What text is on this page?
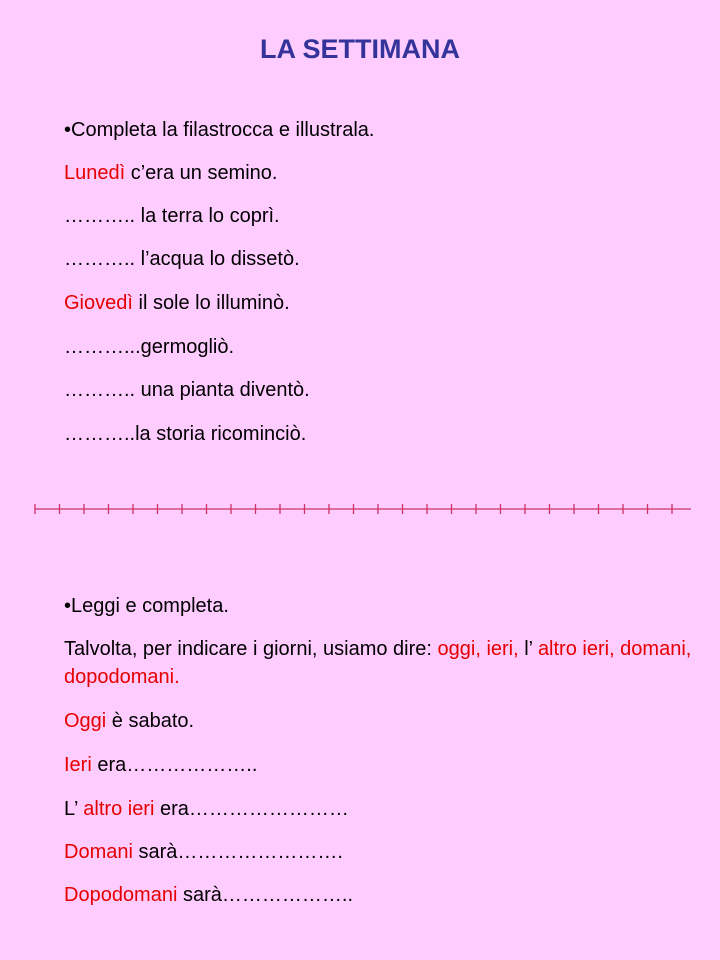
LA SETTIMANA
•Completa la filastrocca e illustrala.
Lunedì c’era un semino.
……….. la terra lo coprì.
……….. l’acqua lo dissetò.
Giovedì il sole lo illuminò.
………...germogliò.
……….. una pianta diventò.
………..la storia ricominciò.
•Leggi e completa.
Talvolta, per indicare i giorni, usiamo dire: oggi, ieri, l’ altro ieri, domani, dopodomani.
Oggi è sabato.
Ieri era………………..
L’ altro ieri era……………………
Domani sarà…………………….
Dopodomani sarà………………..
